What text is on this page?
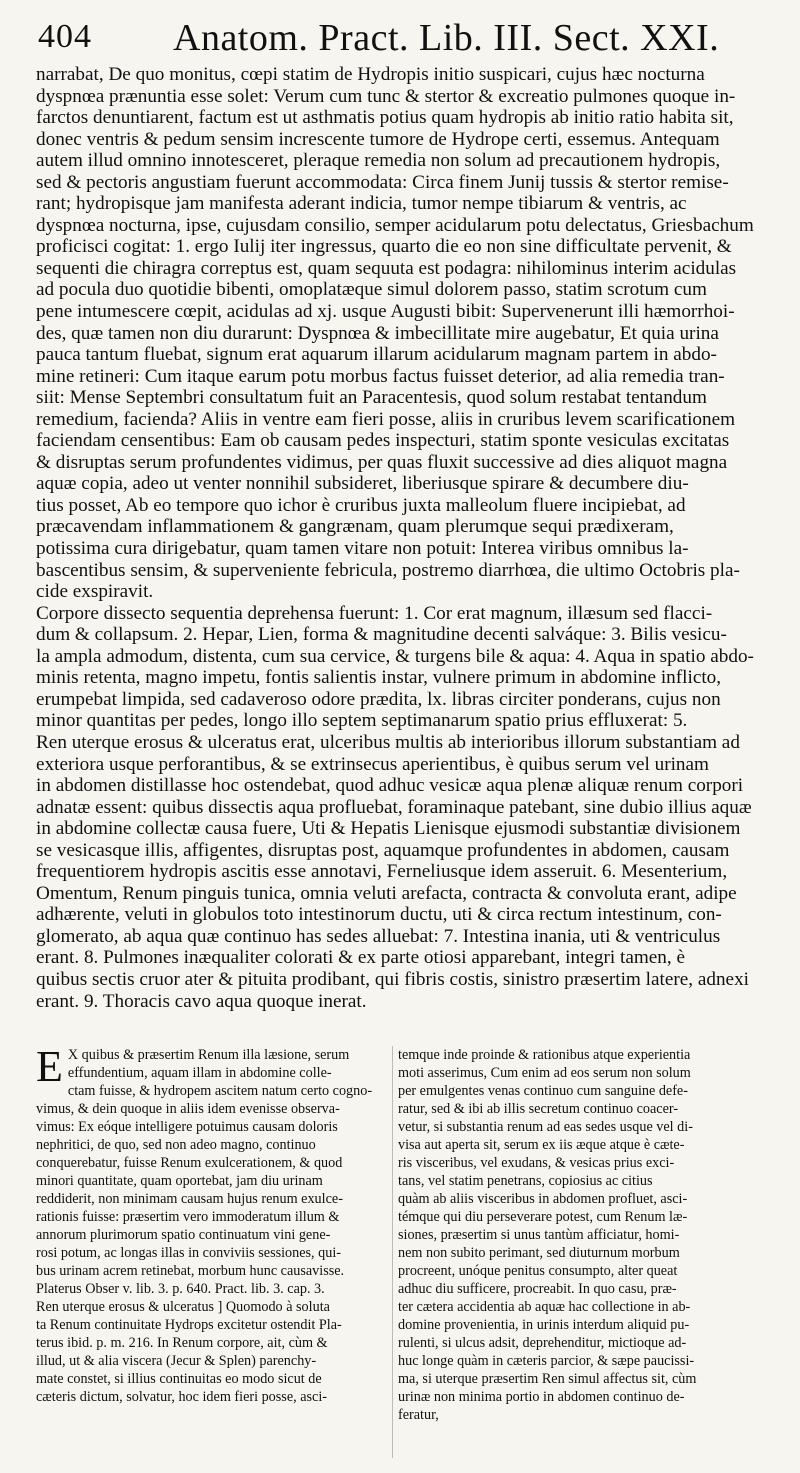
404 Anatom. Pract. Lib. III. Sect. XXI.
narrabat, De quo monitus, cœpi statim de Hydropis initio suspicari, cujus hæc nocturna
dyspnœa prænuntia esse solet: Verum cum tunc & stertor & excreatio pulmones quoque in-
farctos denuntiarent, factum est ut asthmatis potius quam hydropis ab initio ratio habita sit,
donec ventris & pedum sensim increscente tumore de Hydrope certi, essemus. Antequam
autem illud omnino innotesceret, pleraque remedia non solum ad precautionem hydropis,
sed & pectoris angustiam fuerunt accommodata: Circa finem Junij tussis & stertor remise-
rant; hydropisque jam manifesta aderant indicia, tumor nempe tibiarum & ventris, ac
dyspnœa nocturna, ipse, cujusdam consilio, semper acidularum potu delectatus, Griesbachum
proficisci cogitat: 1. ergo Iulij iter ingressus, quarto die eo non sine difficultate pervenit, &
sequenti die chiragra correptus est, quam sequuta est podagra: nihilominus interim acidulas
ad pocula duo quotidie bibenti, omoplatæque simul dolorem passo, statim scrotum cum
pene intumescere cœpit, acidulas ad xj. usque Augusti bibit: Supervenerunt illi hæmorrhoi-
des, quæ tamen non diu durarunt: Dyspnœa & imbecillitate mire augebatur, Et quia urina
pauca tantum fluebat, signum erat aquarum illarum acidularum magnam partem in abdo-
mine retineri: Cum itaque earum potu morbus factus fuisset deterior, ad alia remedia tran-
siit: Mense Septembri consultatum fuit an Paracentesis, quod solum restabat tentandum
remedium, facienda? Aliis in ventre eam fieri posse, aliis in cruribus levem scarificationem
faciendam censentibus: Eam ob causam pedes inspecturi, statim sponte vesiculas excitatas
& disruptas serum profundentes vidimus, per quas fluxit successive ad dies aliquot magna
aquæ copia, adeo ut venter nonnihil subsideret, liberiusque spirare & decumbere diu-
tius posset, Ab eo tempore quo ichor è cruribus juxta malleolum fluere incipiebat, ad
præcavendam inflammationem & gangrænam, quam plerumque sequi prædixeram,
potissima cura dirigebatur, quam tamen vitare non potuit: Interea viribus omnibus la-
bascentibus sensim, & superveniente febricula, postremo diarrhœa, die ultimo Octobris pla-
cide exspiravit.
Corpore dissecto sequentia deprehensa fuerunt: 1. Cor erat magnum, illæsum sed flacci-
dum & collapsum. 2. Hepar, Lien, forma & magnitudine decenti salváque: 3. Bilis vesicu-
la ampla admodum, distenta, cum sua cervice, & turgens bile & aqua: 4. Aqua in spatio abdo-
minis retenta, magno impetu, fontis salientis instar, vulnere primum in abdomine inflicto,
erumpebat limpida, sed cadaveroso odore prædita, lx. libras circiter ponderans, cujus non
minor quantitas per pedes, longo illo septem septimanarum spatio prius effluxerat: 5.
Ren uterque erosus & ulceratus erat, ulceribus multis ab interioribus illorum substantiam ad
exteriora usque perforantibus, & se extrinsecus aperientibus, è quibus serum vel urinam
in abdomen distillasse hoc ostendebat, quod adhuc vesicæ aqua plenæ aliquæ renum corpori
adnatæ essent: quibus dissectis aqua profluebat, foraminaque patebant, sine dubio illius aquæ
in abdomine collectæ causa fuere, Uti & Hepatis Lienisque ejusmodi substantiæ divisionem
se vesicasque illis, affigentes, disruptas post, aquamque profundentes in abdomen, causam
frequentiorem hydropis ascitis esse annotavi, Ferneliusque idem asseruit. 6. Mesenterium,
Omentum, Renum pinguis tunica, omnia veluti arefacta, contracta & convoluta erant, adipe
adhærente, veluti in globulos toto intestinorum ductu, uti & circa rectum intestinum, con-
glomerato, ab aqua quæ continuo has sedes alluebat: 7. Intestina inania, uti & ventriculus
erant. 8. Pulmones inæqualiter colorati & ex parte otiosi apparebant, integri tamen, è
quibus sectis cruor ater & pituita prodibant, qui fibris costis, sinistro præsertim latere, adnexi
erant. 9. Thoracis cavo aqua quoque inerat.
E X quibus & præsertim Renum illa læsione, serum
effundentium, aquam illam in abdomine colle-
ctam fuisse, & hydropem ascitem natum certo cogno-
vimus, & dein quoque in aliis idem evenisse observa-
vimus: Ex eóque intelligere potuimus causam doloris
nephritici, de quo, sed non adeo magno, continuo
conquerebatur, fuisse Renum exulcerationem, & quod
minori quantitate, quam oportebat, jam diu urinam
reddiderit, non minimam causam hujus renum exulce-
rationis fuisse: præsertim vero immoderatum illum &
annorum plurimorum spatio continuatum vini gene-
rosi potum, ac longas illas in conviviis sessiones, qui-
bus urinam acrem retinebat, morbum hunc causavisse.
Platerus Obser v. lib. 3. p. 640. Pract. lib. 3. cap. 3.
Ren uterque erosus & ulceratus ] Quomodo à soluta
ta Renum continuitate Hydrops excitetur ostendit Pla-
terus ibid. p. m. 216. In Renum corpore, ait, cùm &
illud, ut & alia viscera (Jecur & Splen) parenchy-
mate constet, si illius continuitas eo modo sicut de
cæteris dictum, solvatur, hoc idem fieri posse, asci-
temque inde proinde & rationibus atque experientia
moti asserimus, Cum enim ad eos serum non solum
per emulgentes venas continuo cum sanguine defe-
ratur, sed & ibi ab illis secretum continuo coacer-
vetur, si substantia renum ad eas sedes usque vel di-
visa aut aperta sit, serum ex iis æque atque è cæte-
ris visceribus, vel exudans, & vesicas prius exci-
tans, vel statim penetrans, copiosius ac citius
quàm ab aliis visceribus in abdomen profluet, asci-
témque qui diu perseverare potest, cum Renum læ-
siones, præsertim si unus tantùm afficiatur, homi-
nem non subito perimant, sed diuturnum morbum
procreent, unóque penitus consumpto, alter queat
adhuc diu sufficere, procreabit. In quo casu, præ-
ter cætera accidentia ab aquæ hac collectione in ab-
domine provenientia, in urinis interdum aliquid pu-
rulenti, si ulcus adsit, deprehenditur, mictioque ad-
huc longe quàm in cæteris parcior, & sæpe paucissi-
ma, si uterque præsertim Ren simul affectus sit, cùm
urinæ non minima portio in abdomen continuo de-
feratur,
